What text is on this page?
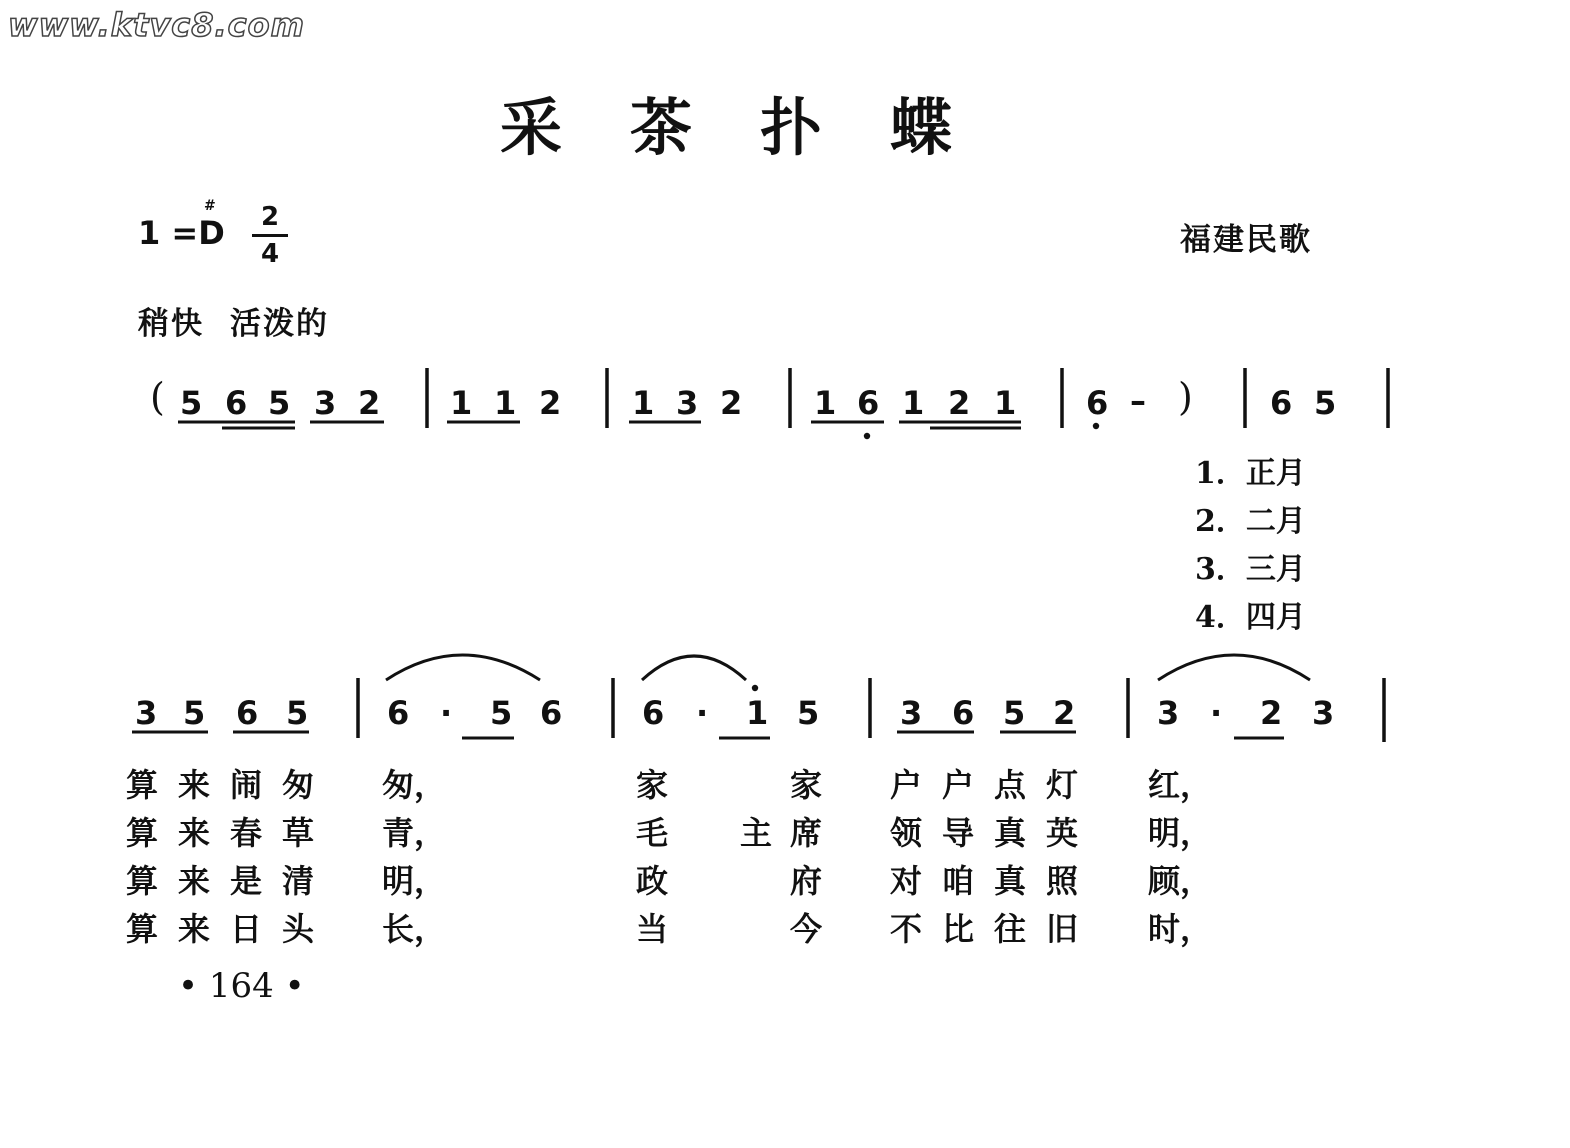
www.ktvc8.com
采茶扑蝶
1 =D
# $\frac{2}{4}$	福建民歌
稍快 活泼的
( 5 6 5 3 2 1 1 2 1 3 2 1 6 1 2 1 6 – ) 6 5
3 5 6 5 6 · 5 6 6 · 1 5	3 6 5 2	3 · 2 3
1．正月
2．二月
3．三月
4．四月
算 来 闹 匆 匆，	家	家 户 户 点 灯 红，
算 来 春 草 青，	毛 主 席 领 导 真 英 明，
算 来 是 清 明，	政	府 对 咱 真 照 顾，
算 来 日 头 长，	当	今 不 比 往 旧 时，
• 164 •
